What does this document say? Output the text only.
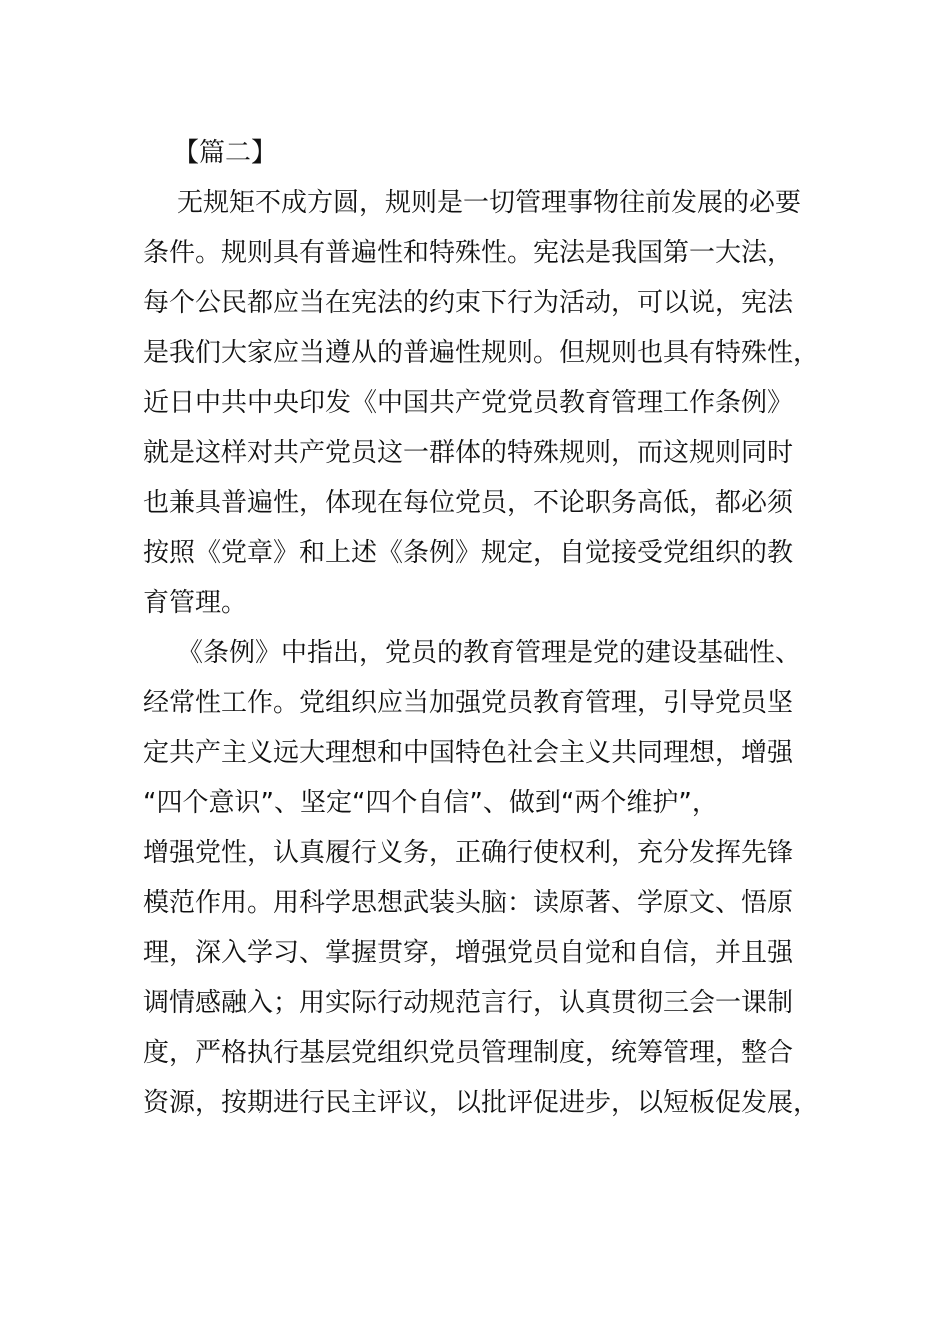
【篇二】
无规矩不成方圆，规则是一切管理事物往前发展的必要
条件。规则具有普遍性和特殊性。宪法是我国第一大法，
每个公民都应当在宪法的约束下行为活动，可以说，宪法
是我们大家应当遵从的普遍性规则。但规则也具有特殊性，
近日中共中央印发《中国共产党党员教育管理工作条例》
就是这样对共产党员这一群体的特殊规则，而这规则同时
也兼具普遍性，体现在每位党员，不论职务高低，都必须
按照《党章》和上述《条例》规定，自觉接受党组织的教
育管理。
《条例》中指出，党员的教育管理是党的建设基础性、
经常性工作。党组织应当加强党员教育管理，引导党员坚
定共产主义远大理想和中国特色社会主义共同理想，增强
“四个意识”、坚定“四个自信”、做到“两个维护”，
增强党性，认真履行义务，正确行使权利，充分发挥先锋
模范作用。用科学思想武装头脑：读原著、学原文、悟原
理，深入学习、掌握贯穿，增强党员自觉和自信，并且强
调情感融入；用实际行动规范言行，认真贯彻三会一课制
度，严格执行基层党组织党员管理制度，统筹管理，整合
资源，按期进行民主评议，以批评促进步，以短板促发展，
